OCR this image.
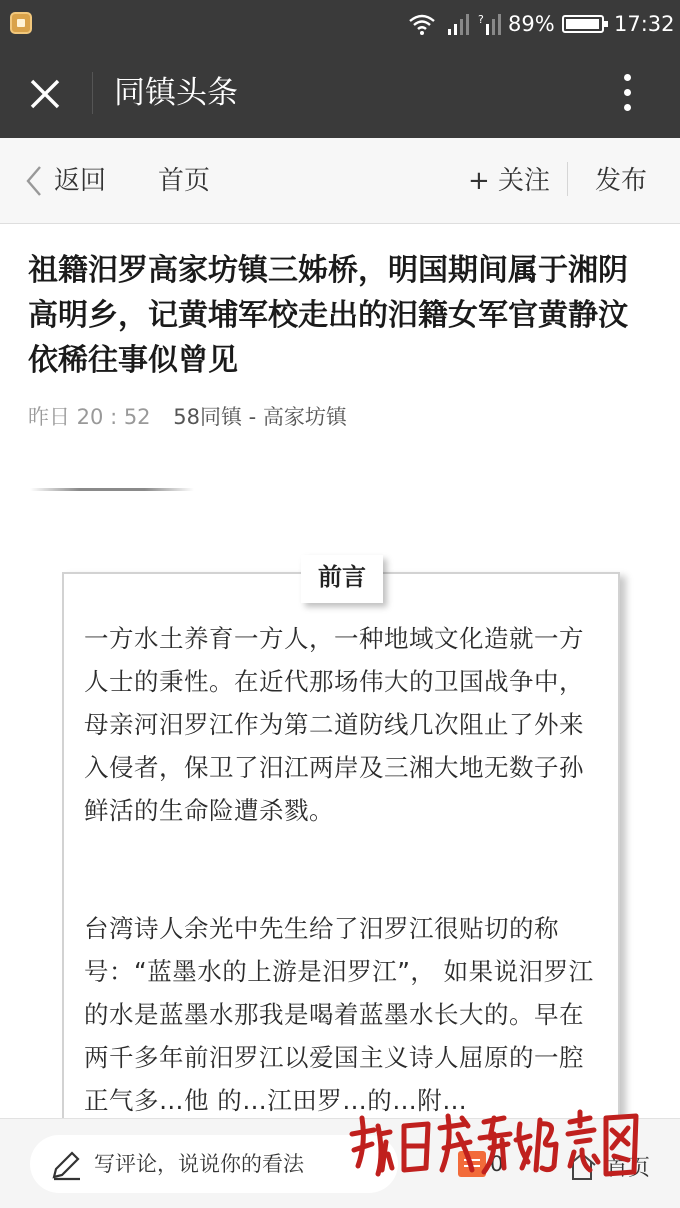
? 89%	17:32
同镇头条
返回 首页	+ 关注 发布
祖籍汨罗高家坊镇三姊桥，明国期间属于湘阴高明乡，记黄埔军校走出的汨籍女军官黄静汶 依稀往事似曾见
昨日 20 : 52 58同镇 - 高家坊镇
前言

一方水土养育一方人，一种地域文化造就一方人士的秉性。在近代那场伟大的卫国战争中，母亲河汨罗江作为第二道防线几次阻止了外来入侵者，保卫了汨江两岸及三湘大地无数子孙鲜活的生命险遭杀戮。

台湾诗人余光中先生给了汨罗江很贴切的称号：“蓝墨水的上游是汨罗江”， 如果说汨罗江的水是蓝墨水那我是喝着蓝墨水长大的。早在两千多年前汨罗江以爱国主义诗人屈原的一腔正气多…他 的…江田罗…的…附…

写评论，说说你的看法	0	首页
